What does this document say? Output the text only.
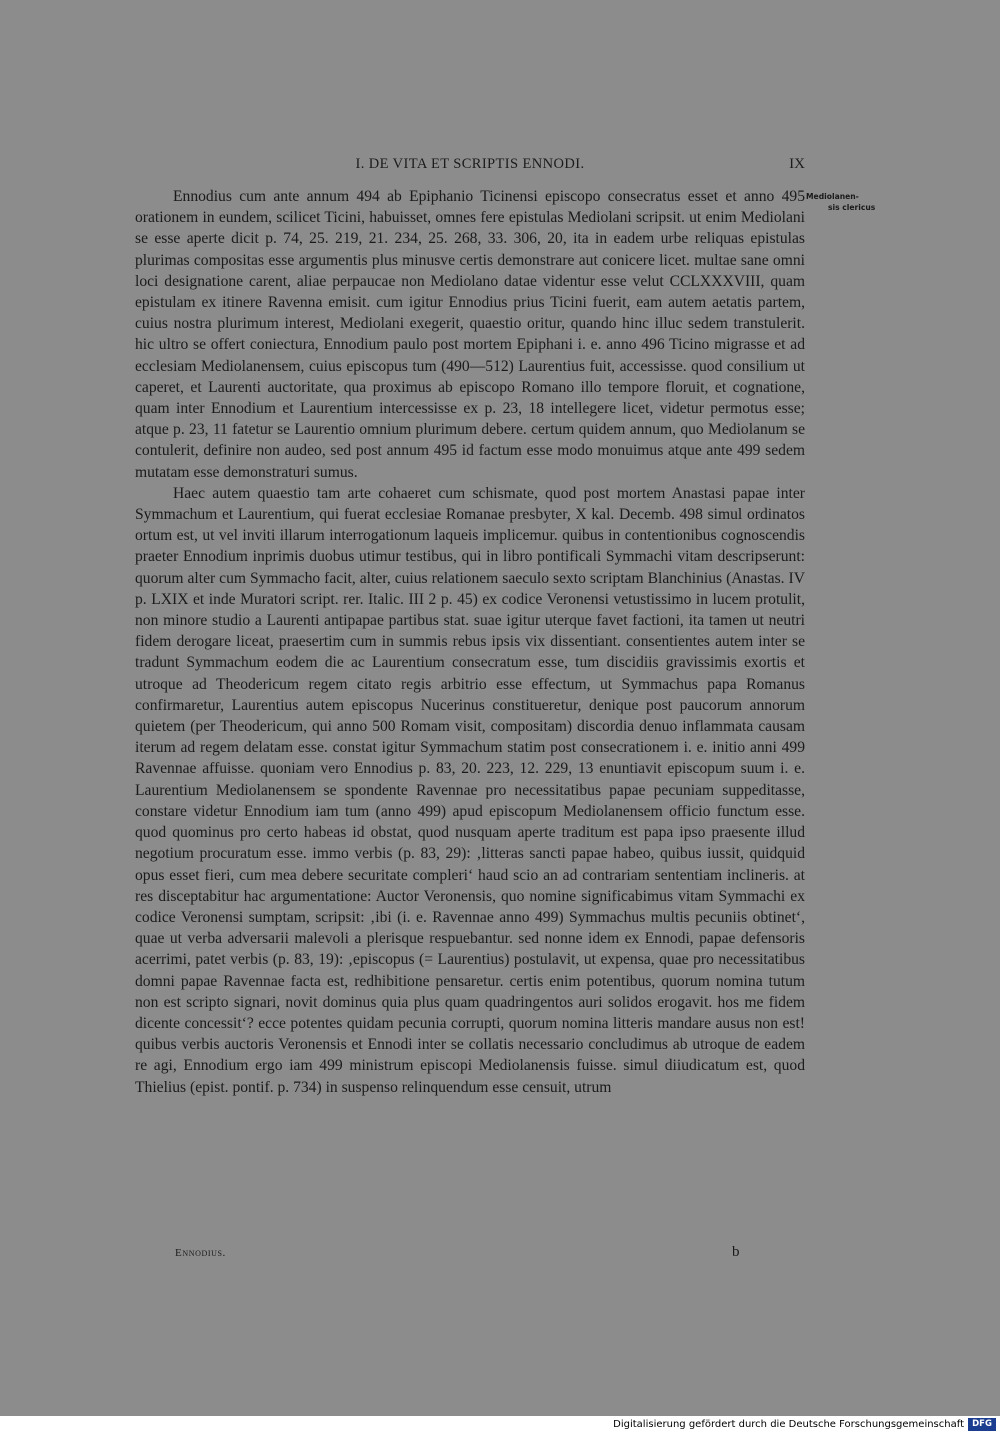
I. DE VITA ET SCRIPTIS ENNODI.	IX
Mediolanen-
sis clericus

Ennodius cum ante annum 494 ab Epiphanio Ticinensi episcopo consecratus esset et anno 495 orationem in eundem, scilicet Ticini, habuisset, omnes fere epistulas Mediolani scripsit. ut enim Mediolani se esse aperte dicit p. 74, 25. 219, 21. 234, 25. 268, 33. 306, 20, ita in eadem urbe reliquas epistulas plurimas compositas esse argumentis plus minusve certis demonstrare aut conicere licet. multae sane omni loci designatione carent, aliae perpaucae non Mediolano datae videntur esse velut CCLXXXVIII, quam epistulam ex itinere Ravenna emisit. cum igitur Ennodius prius Ticini fuerit, eam autem aetatis partem, cuius nostra plurimum interest, Mediolani exegerit, quaestio oritur, quando hinc illuc sedem transtulerit. hic ultro se offert coniectura, Ennodium paulo post mortem Epiphani i. e. anno 496 Ticino migrasse et ad ecclesiam Mediolanensem, cuius episcopus tum (490—512) Laurentius fuit, accessisse. quod consilium ut caperet, et Laurenti auctoritate, qua proximus ab episcopo Romano illo tempore floruit, et cognatione, quam inter Ennodium et Laurentium intercessisse ex p. 23, 18 intellegere licet, videtur permotus esse; atque p. 23, 11 fatetur se Laurentio omnium plurimum debere. certum quidem annum, quo Mediolanum se contulerit, definire non audeo, sed post annum 495 id factum esse modo monuimus atque ante 499 sedem mutatam esse demonstraturi sumus.

Haec autem quaestio tam arte cohaeret cum schismate, quod post mortem Anastasi papae inter Symmachum et Laurentium, qui fuerat ecclesiae Romanae presbyter, X kal. Decemb. 498 simul ordinatos ortum est, ut vel inviti illarum interrogationum laqueis implicemur. quibus in contentionibus cognoscendis praeter Ennodium inprimis duobus utimur testibus, qui in libro pontificali Symmachi vitam descripserunt: quorum alter cum Symmacho facit, alter, cuius relationem saeculo sexto scriptam Blanchinius (Anastas. IV p. LXIX et inde Muratori script. rer. Italic. III 2 p. 45) ex codice Veronensi vetustissimo in lucem protulit, non minore studio a Laurenti antipapae partibus stat. suae igitur uterque favet factioni, ita tamen ut neutri fidem derogare liceat, praesertim cum in summis rebus ipsis vix dissentiant. consentientes autem inter se tradunt Symmachum eodem die ac Laurentium consecratum esse, tum discidiis gravissimis exortis et utroque ad Theodericum regem citato regis arbitrio esse effectum, ut Symmachus papa Romanus confirmaretur, Laurentius autem episcopus Nucerinus constitueretur, denique post paucorum annorum quietem (per Theodericum, qui anno 500 Romam visit, compositam) discordia denuo inflammata causam iterum ad regem delatam esse. constat igitur Symmachum statim post consecrationem i. e. initio anni 499 Ravennae affuisse. quoniam vero Ennodius p. 83, 20. 223, 12. 229, 13 enuntiavit episcopum suum i. e. Laurentium Mediolanensem se spondente Ravennae pro necessitatibus papae pecuniam suppeditasse, constare videtur Ennodium iam tum (anno 499) apud episcopum Mediolanensem officio functum esse. quod quominus pro certo habeas id obstat, quod nusquam aperte traditum est papa ipso praesente illud negotium procuratum esse. immo verbis (p. 83, 29): ‚litteras sancti papae habeo, quibus iussit, quidquid opus esset fieri, cum mea debere securitate compleri‘ haud scio an ad contrariam sententiam inclineris. at res disceptabitur hac argumentatione: Auctor Veronensis, quo nomine significabimus vitam Symmachi ex codice Veronensi sumptam, scripsit: ‚ibi (i. e. Ravennae anno 499) Symmachus multis pecuniis obtinet‘, quae ut verba adversarii malevoli a plerisque respuebantur. sed nonne idem ex Ennodi, papae defensoris acerrimi, patet verbis (p. 83, 19): ‚episcopus (= Laurentius) postulavit, ut expensa, quae pro necessitatibus domni papae Ravennae facta est, redhibitione pensaretur. certis enim potentibus, quorum nomina tutum non est scripto signari, novit dominus quia plus quam quadringentos auri solidos erogavit. hos me fidem dicente concessit‘? ecce potentes quidam pecunia corrupti, quorum nomina litteris mandare ausus non est! quibus verbis auctoris Veronensis et Ennodi inter se collatis necessario concludimus ab utroque de eadem re agi, Ennodium ergo iam 499 ministrum episcopi Mediolanensis fuisse. simul diiudicatum est, quod Thielius (epist. pontif. p. 734) in suspenso relinquendum esse censuit, utrum

Ennodius.	b
Digitalisierung gefördert durch die Deutsche Forschungsgemeinschaft DFG
